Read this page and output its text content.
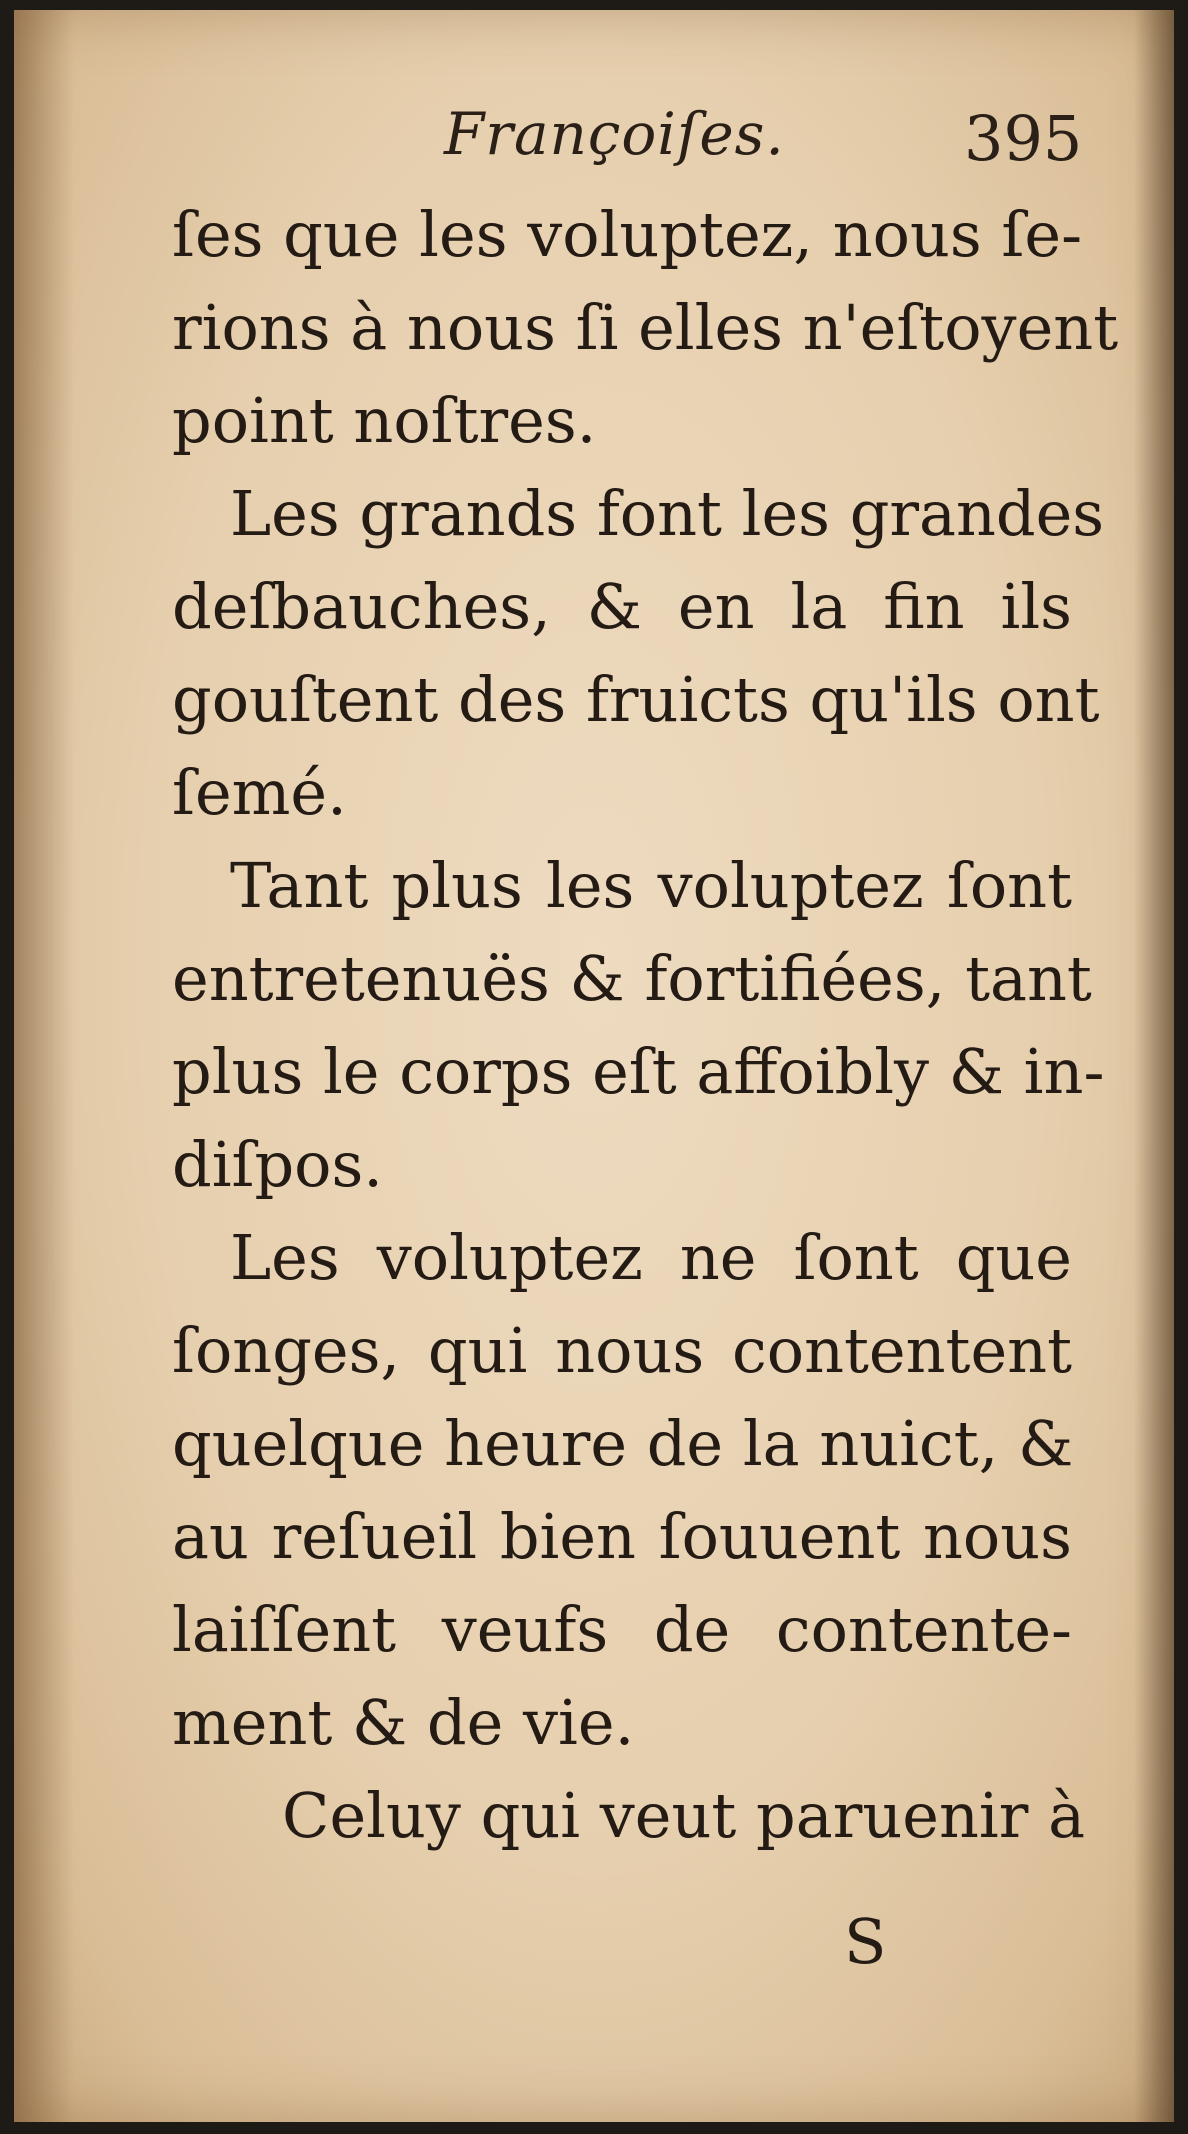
Françoiſes.	395
ſes que les voluptez, nous ſe-
rions à nous ſi elles n'eſtoyent
point noſtres.
Les grands font les grandes
deſbauches, & en la fin ils
gouſtent des fruicts qu'ils ont
ſemé.
Tant plus les voluptez ſont
entretenuës & fortifiées, tant
plus le corps eſt affoibly & in-
diſpos.
Les voluptez ne ſont que
ſonges, qui nous contentent
quelque heure de la nuict, &
au reſueil bien ſouuent nous
laiſſent veufs de contente-
ment & de vie.
Celuy qui veut paruenir à
S
